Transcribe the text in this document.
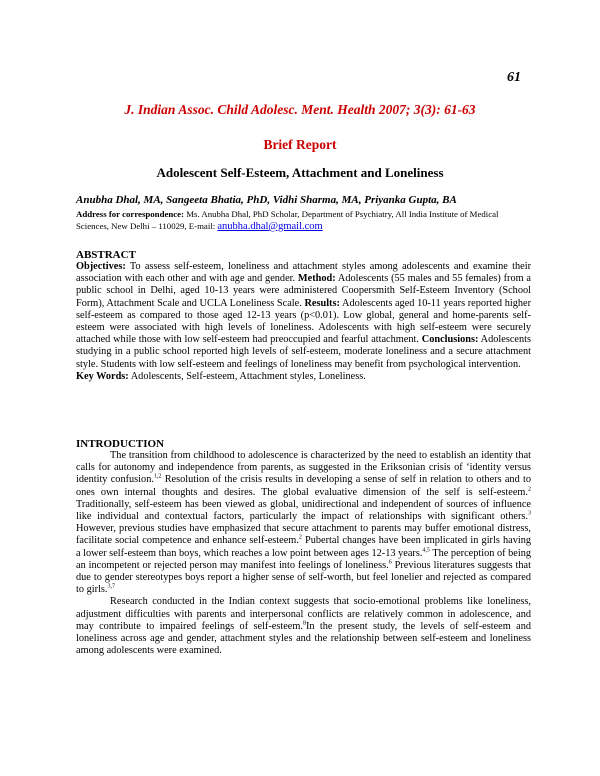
61
J. Indian Assoc. Child Adolesc. Ment. Health 2007; 3(3): 61-63
Brief Report
Adolescent Self-Esteem, Attachment and Loneliness
Anubha Dhal, MA, Sangeeta Bhatia, PhD, Vidhi Sharma, MA, Priyanka Gupta, BA
Address for correspondence: Ms. Anubha Dhal, PhD Scholar, Department of Psychiatry, All India Institute of Medical Sciences, New Delhi – 110029, E-mail: anubha.dhal@gmail.com
ABSTRACT
Objectives: To assess self-esteem, loneliness and attachment styles among adolescents and examine their association with each other and with age and gender. Method: Adolescents (55 males and 55 females) from a public school in Delhi, aged 10-13 years were administered Coopersmith Self-Esteem Inventory (School Form), Attachment Scale and UCLA Loneliness Scale. Results: Adolescents aged 10-11 years reported higher self-esteem as compared to those aged 12-13 years (p<0.01). Low global, general and home-parents self-esteem were associated with high levels of loneliness. Adolescents with high self-esteem were securely attached while those with low self-esteem had preoccupied and fearful attachment. Conclusions: Adolescents studying in a public school reported high levels of self-esteem, moderate loneliness and a secure attachment style. Students with low self-esteem and feelings of loneliness may benefit from psychological intervention.
Key Words: Adolescents, Self-esteem, Attachment styles, Loneliness.
INTRODUCTION

The transition from childhood to adolescence is characterized by the need to establish an identity that calls for autonomy and independence from parents, as suggested in the Eriksonian crisis of ‘identity versus identity confusion.$^{1,2}$ Resolution of the crisis results in developing a sense of self in relation to others and to ones own internal thoughts and desires. The global evaluative dimension of the self is self-esteem.$^2$ Traditionally, self-esteem has been viewed as global, unidirectional and independent of sources of influence like individual and contextual factors, particularly the impact of relationships with significant others.$^3$ However, previous studies have emphasized that secure attachment to parents may buffer emotional distress, facilitate social competence and enhance self-esteem.$^2$ Pubertal changes have been implicated in girls having a lower self-esteem than boys, which reaches a low point between ages 12-13 years.$^{4,5}$ The perception of being an incompetent or rejected person may manifest into feelings of loneliness.$^6$ Previous literatures suggests that due to gender stereotypes boys report a higher sense of self-worth, but feel lonelier and rejected as compared to girls.$^{3,7}$

Research conducted in the Indian context suggests that socio-emotional problems like loneliness, adjustment difficulties with parents and interpersonal conflicts are relatively common in adolescence, and may contribute to impaired feelings of self-esteem.$^8$In the present study, the levels of self-esteem and loneliness across age and gender, attachment styles and the relationship between self-esteem and loneliness among adolescents were examined.
